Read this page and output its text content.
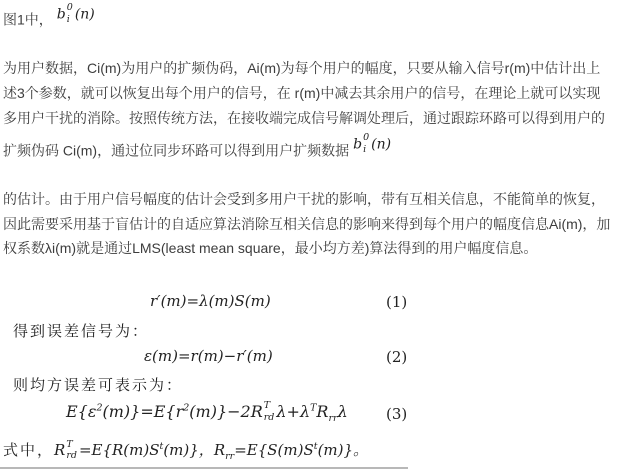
图1中， b 0
i (n)
为用户数据，Ci(m)为用户的扩频伪码，Ai(m)为每个用户的幅度，只要从输入信号r(m)中估计出上
述3个参数，就可以恢复出每个用户的信号，在 r(m)中减去其余用户的信号，在理论上就可以实现
多用户干扰的消除。按照传统方法，在接收端完成信号解调处理后，通过跟踪环路可以得到用户的
扩频伪码 Ci(m)，通过位同步环路可以得到用户扩频数据 b 0
i (n)
的估计。由于用户信号幅度的估计会受到多用户干扰的影响，带有互相关信息，不能简单的恢复，
因此需要采用基于盲估计的自适应算法消除互相关信息的影响来得到每个用户的幅度信息Ai(m)，加
权系数λi(m)就是通过LMS(least mean square，最小均方差)算法得到的用户幅度信息。
r′(m)=λ(m)S(m)	(1)
得到误差信号为：
ε(m)=r(m)−r′(m)	(2)
则均方误差可表示为：
$E\{\varepsilon^2(m)\}=E\{r^2(m)\}-2R$ T
rd $\lambda+\lambda^TR_{rr}\lambda$	(3)
式中，R T
rd $=E\{R(m)S^t(m)\}$，$R_{rr}=E\{S(m)S^t(m)\}$。
